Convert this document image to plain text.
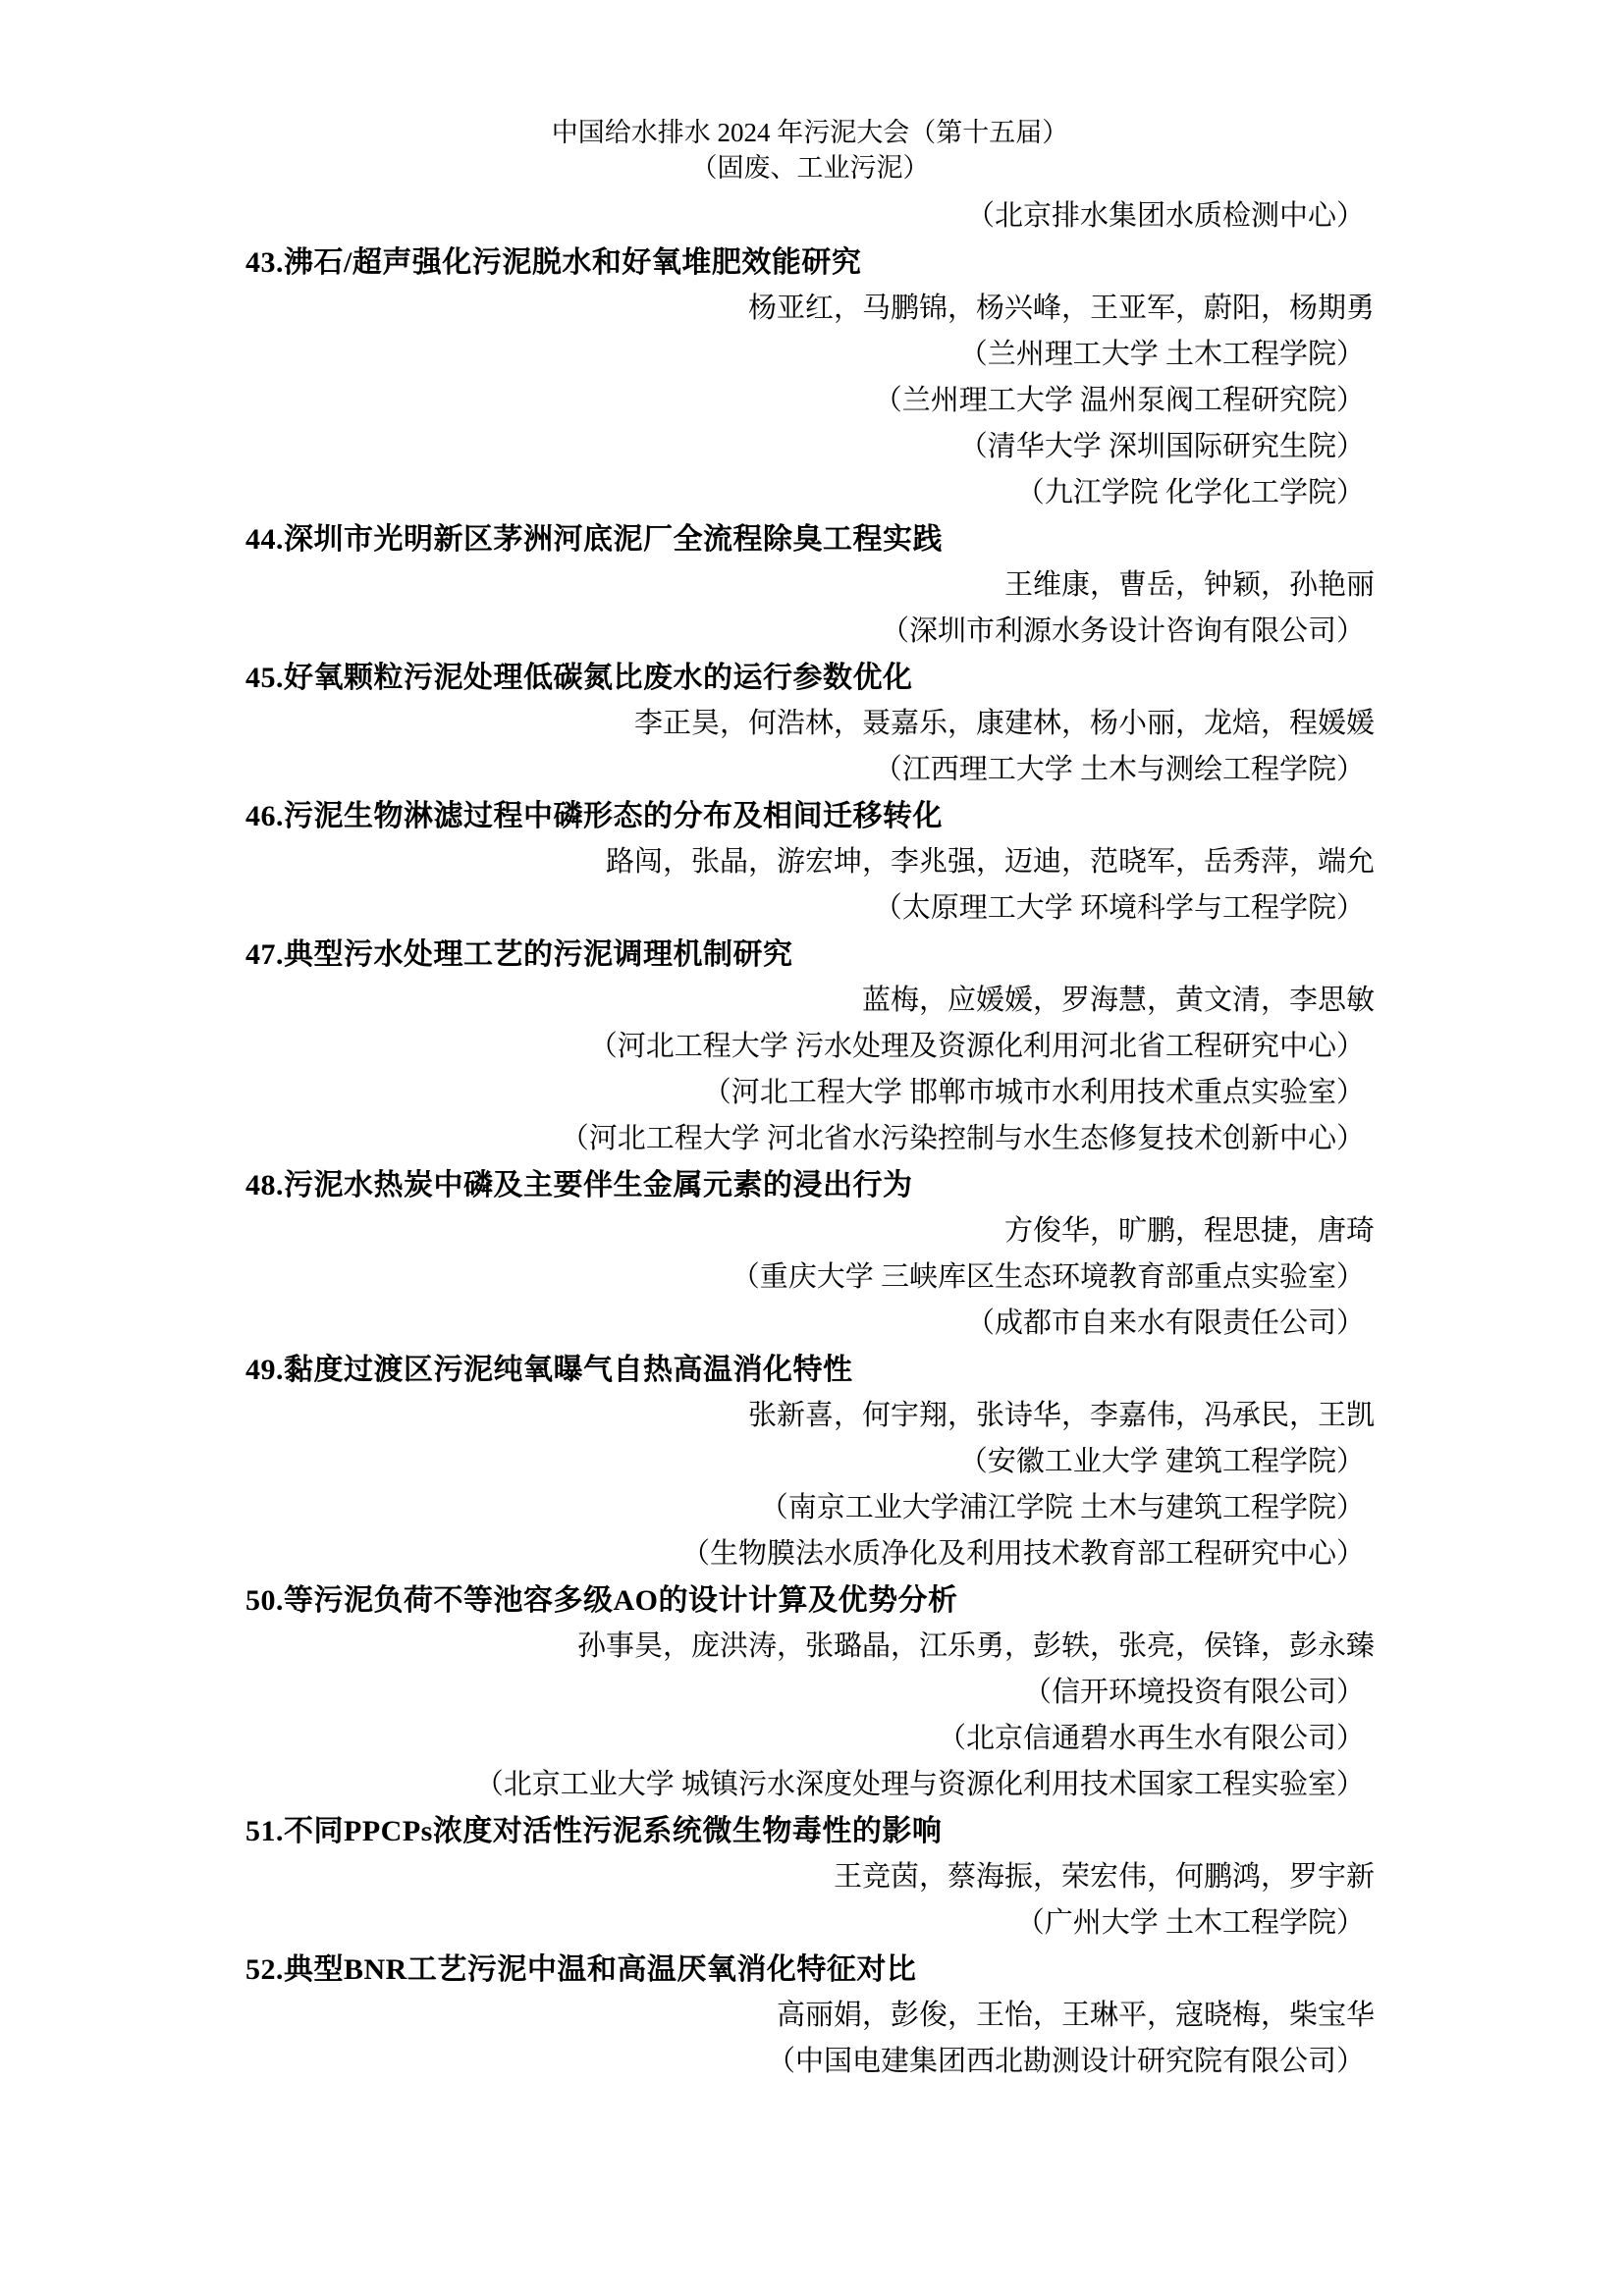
中国给水排水 2024 年污泥大会（第十五届）
（固废、工业污泥）
（北京排水集团水质检测中心）
43.沸石/超声强化污泥脱水和好氧堆肥效能研究
杨亚红，马鹏锦，杨兴峰，王亚军，蔚阳，杨期勇
（兰州理工大学 土木工程学院）
（兰州理工大学 温州泵阀工程研究院）
（清华大学 深圳国际研究生院）
（九江学院 化学化工学院）
44.深圳市光明新区茅洲河底泥厂全流程除臭工程实践
王维康，曹岳，钟颖，孙艳丽
（深圳市利源水务设计咨询有限公司）
45.好氧颗粒污泥处理低碳氮比废水的运行参数优化
李正昊，何浩林，聂嘉乐，康建林，杨小丽，龙焙，程媛媛
（江西理工大学 土木与测绘工程学院）
46.污泥生物淋滤过程中磷形态的分布及相间迁移转化
路闯，张晶，游宏坤，李兆强，迈迪，范晓军，岳秀萍，端允
（太原理工大学 环境科学与工程学院）
47.典型污水处理工艺的污泥调理机制研究
蓝梅，应媛媛，罗海慧，黄文清，李思敏
（河北工程大学 污水处理及资源化利用河北省工程研究中心）
（河北工程大学 邯郸市城市水利用技术重点实验室）
（河北工程大学 河北省水污染控制与水生态修复技术创新中心）
48.污泥水热炭中磷及主要伴生金属元素的浸出行为
方俊华，旷鹏，程思捷，唐琦
（重庆大学 三峡库区生态环境教育部重点实验室）
（成都市自来水有限责任公司）
49.黏度过渡区污泥纯氧曝气自热高温消化特性
张新喜，何宇翔，张诗华，李嘉伟，冯承民，王凯
（安徽工业大学 建筑工程学院）
（南京工业大学浦江学院 土木与建筑工程学院）
（生物膜法水质净化及利用技术教育部工程研究中心）
50.等污泥负荷不等池容多级AO的设计计算及优势分析
孙事昊，庞洪涛，张璐晶，江乐勇，彭轶，张亮，侯锋，彭永臻
（信开环境投资有限公司）
（北京信通碧水再生水有限公司）
（北京工业大学 城镇污水深度处理与资源化利用技术国家工程实验室）
51.不同PPCPs浓度对活性污泥系统微生物毒性的影响
王竞茵，蔡海振，荣宏伟，何鹏鸿，罗宇新
（广州大学 土木工程学院）
52.典型BNR工艺污泥中温和高温厌氧消化特征对比
高丽娟，彭俊，王怡，王琳平，寇晓梅，柴宝华
（中国电建集团西北勘测设计研究院有限公司）
